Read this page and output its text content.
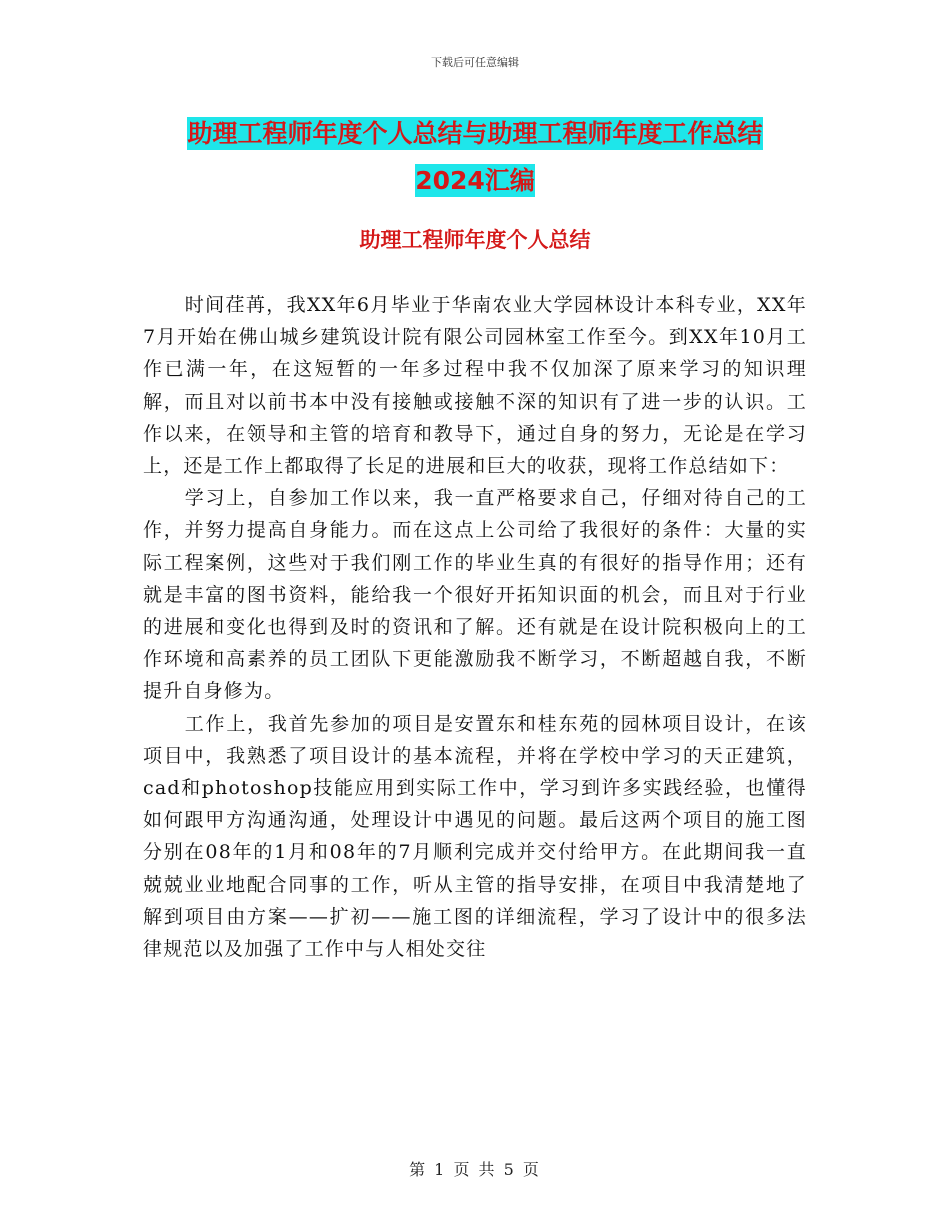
下载后可任意编辑
助理工程师年度个人总结与助理工程师年度工作总结
2024汇编
助理工程师年度个人总结

时间荏苒，我XX年6月毕业于华南农业大学园林设计本科专业，XX年7月开始在佛山城乡建筑设计院有限公司园林室工作至今。到XX年10月工作已满一年，在这短暂的一年多过程中我不仅加深了原来学习的知识理解，而且对以前书本中没有接触或接触不深的知识有了进一步的认识。工作以来，在领导和主管的培育和教导下，通过自身的努力，无论是在学习上，还是工作上都取得了长足的进展和巨大的收获，现将工作总结如下：

学习上，自参加工作以来，我一直严格要求自己，仔细对待自己的工作，并努力提高自身能力。而在这点上公司给了我很好的条件：大量的实际工程案例，这些对于我们刚工作的毕业生真的有很好的指导作用；还有就是丰富的图书资料，能给我一个很好开拓知识面的机会，而且对于行业的进展和变化也得到及时的资讯和了解。还有就是在设计院积极向上的工作环境和高素养的员工团队下更能激励我不断学习，不断超越自我，不断提升自身修为。

工作上，我首先参加的项目是安置东和桂东苑的园林项目设计，在该项目中，我熟悉了项目设计的基本流程，并将在学校中学习的天正建筑，cad和photoshop技能应用到实际工作中，学习到许多实践经验，也懂得如何跟甲方沟通沟通，处理设计中遇见的问题。最后这两个项目的施工图分别在08年的1月和08年的7月顺利完成并交付给甲方。在此期间我一直兢兢业业地配合同事的工作，听从主管的指导安排，在项目中我清楚地了解到项目由方案——扩初——施工图的详细流程，学习了设计中的很多法律规范以及加强了工作中与人相处交往

第 1 页 共 5 页
